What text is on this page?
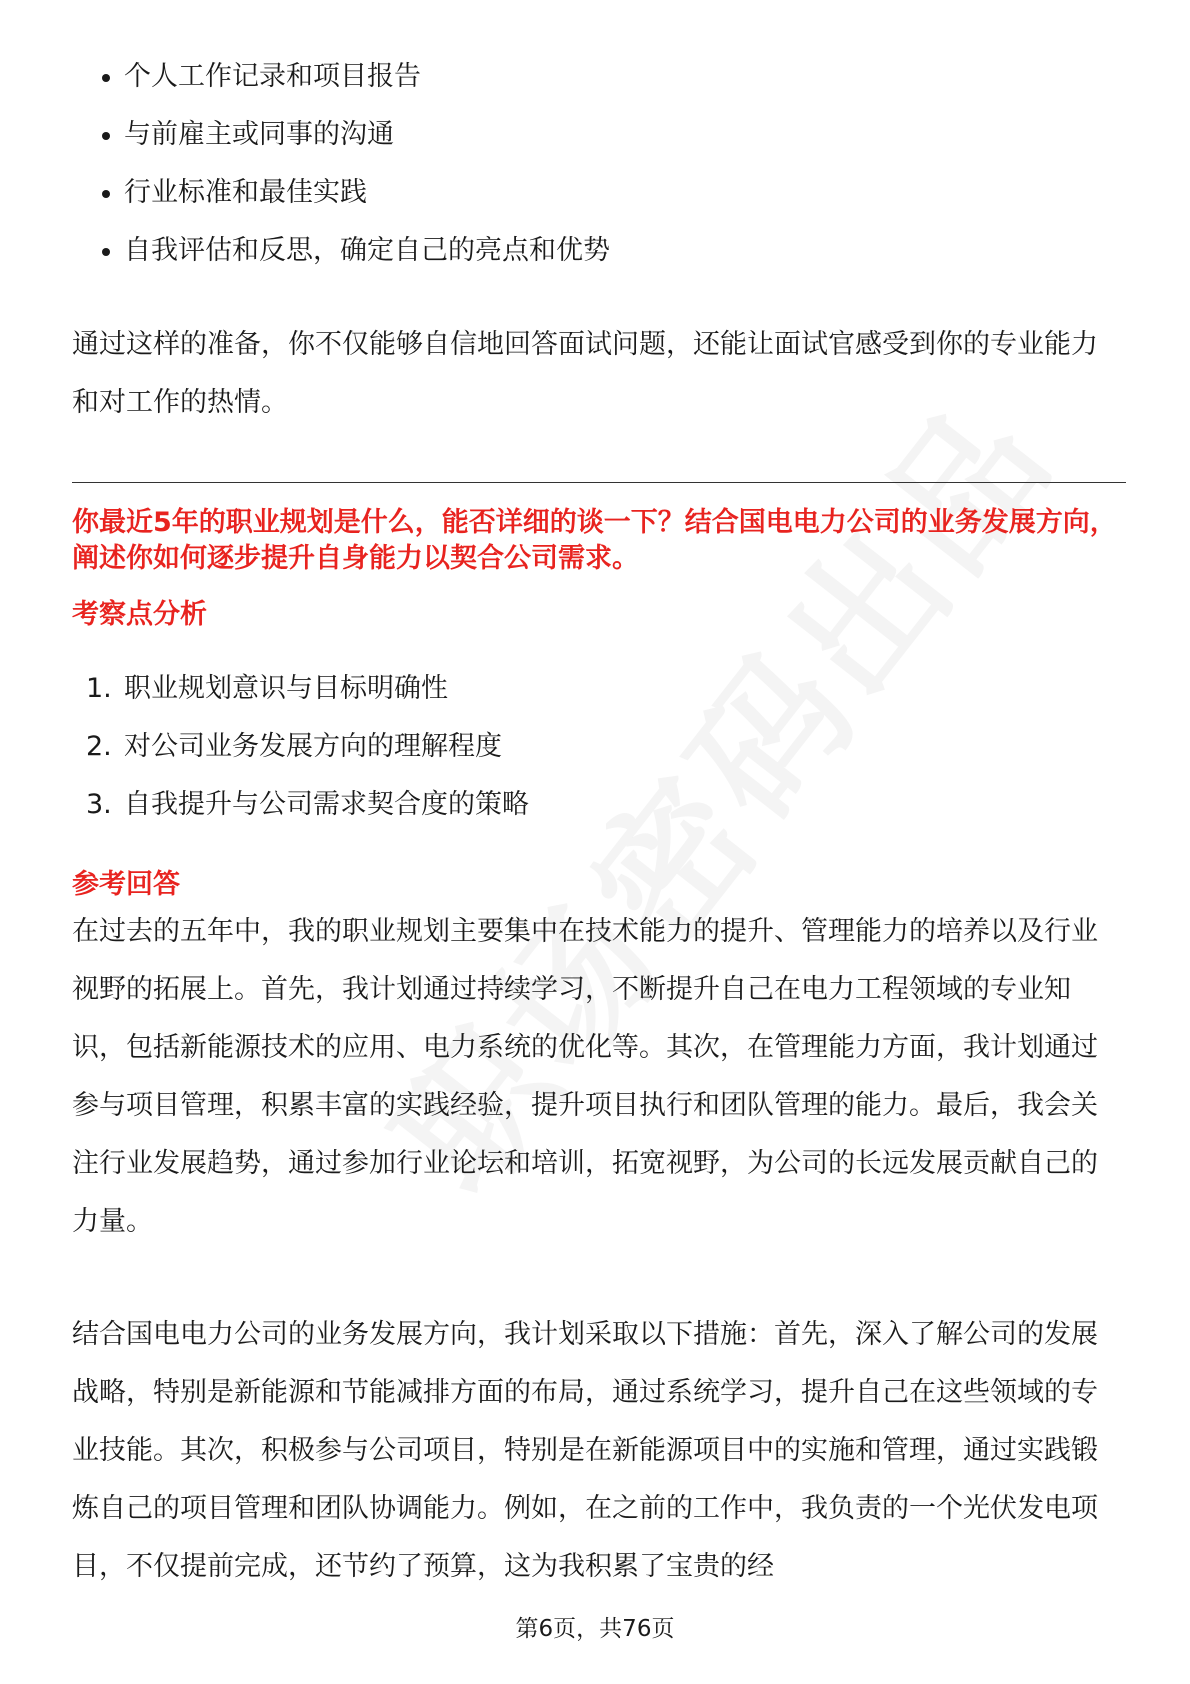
个人工作记录和项目报告
与前雇主或同事的沟通
行业标准和最佳实践
自我评估和反思，确定自己的亮点和优势

通过这样的准备，你不仅能够自信地回答面试问题，还能让面试官感受到你的专业能力和对工作的热情。

你最近5年的职业规划是什么，能否详细的谈一下？结合国电电力公司的业务发展方向，阐述你如何逐步提升自身能力以契合公司需求。

考察点分析
1. 职业规划意识与目标明确性
2. 对公司业务发展方向的理解程度
3. 自我提升与公司需求契合度的策略
参考回答

在过去的五年中，我的职业规划主要集中在技术能力的提升、管理能力的培养以及行业视野的拓展上。首先，我计划通过持续学习，不断提升自己在电力工程领域的专业知识，包括新能源技术的应用、电力系统的优化等。其次，在管理能力方面，我计划通过参与项目管理，积累丰富的实践经验，提升项目执行和团队管理的能力。最后，我会关注行业发展趋势，通过参加行业论坛和培训，拓宽视野，为公司的长远发展贡献自己的力量。

结合国电电力公司的业务发展方向，我计划采取以下措施：首先，深入了解公司的发展战略，特别是新能源和节能减排方面的布局，通过系统学习，提升自己在这些领域的专业技能。其次，积极参与公司项目，特别是在新能源项目中的实施和管理，通过实践锻炼自己的项目管理和团队协调能力。例如，在之前的工作中，我负责的一个光伏发电项目，不仅提前完成，还节约了预算，这为我积累了宝贵的经

第6页，共76页
